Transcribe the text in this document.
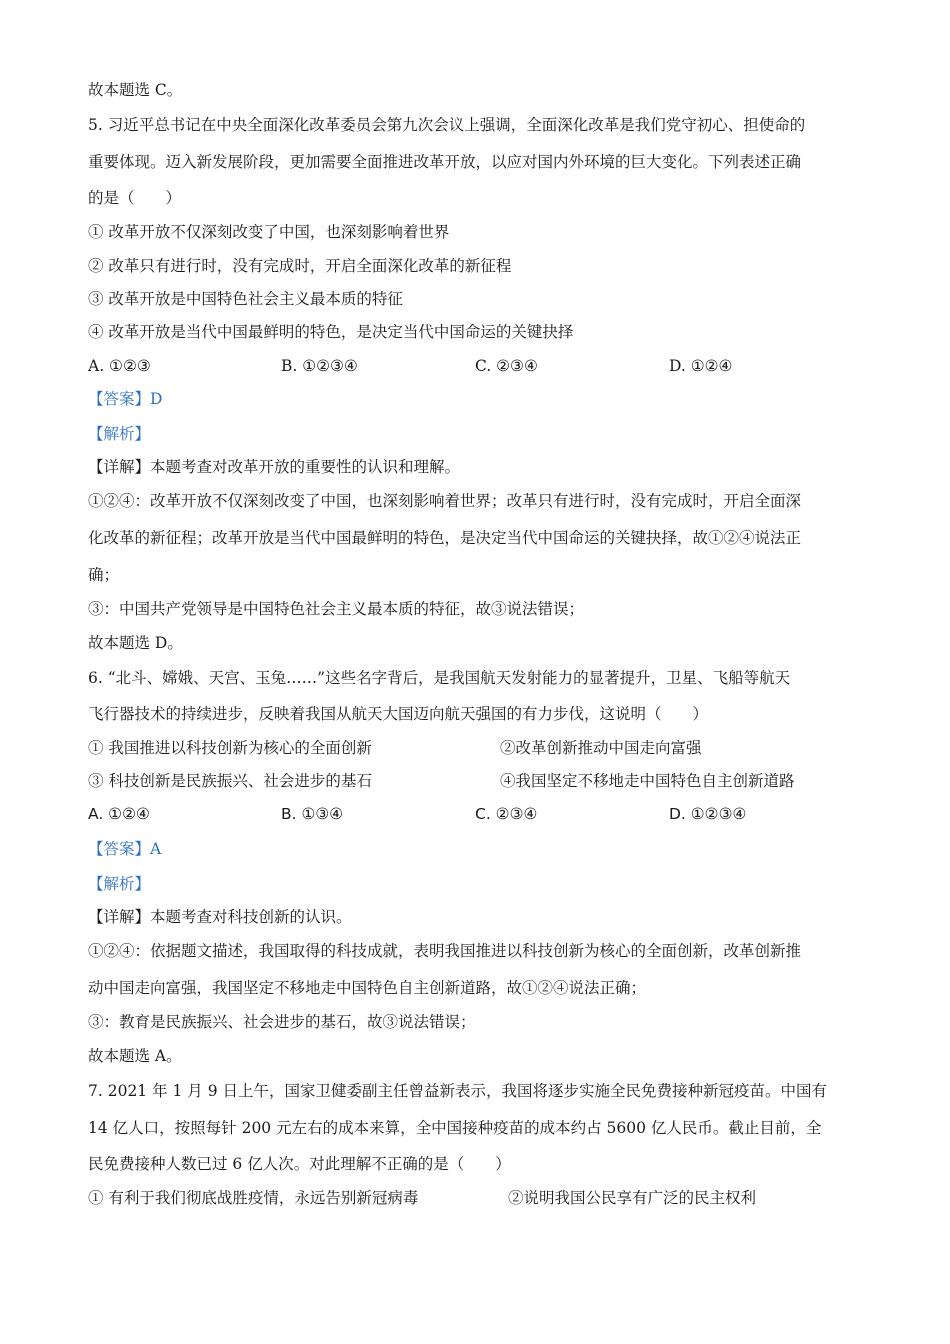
故本题选 C。
5. 习近平总书记在中央全面深化改革委员会第九次会议上强调，全面深化改革是我们党守初心、担使命的
重要体现。迈入新发展阶段，更加需要全面推进改革开放，以应对国内外环境的巨大变化。下列表述正确
的是（　　）
① 改革开放不仅深刻改变了中国，也深刻影响着世界
② 改革只有进行时，没有完成时，开启全面深化改革的新征程
③ 改革开放是中国特色社会主义最本质的特征
④ 改革开放是当代中国最鲜明的特色，是决定当代中国命运的关键抉择
A. ①②③	B. ①②③④	C. ②③④	D. ①②④
【答案】D
【解析】
【详解】本题考查对改革开放的重要性的认识和理解。
①②④：改革开放不仅深刻改变了中国，也深刻影响着世界；改革只有进行时，没有完成时，开启全面深
化改革的新征程；改革开放是当代中国最鲜明的特色，是决定当代中国命运的关键抉择，故①②④说法正
确；
③：中国共产党领导是中国特色社会主义最本质的特征，故③说法错误；
故本题选 D。
6. “北斗、嫦娥、天宫、玉兔……”这些名字背后，是我国航天发射能力的显著提升，卫星、飞船等航天
飞行器技术的持续进步，反映着我国从航天大国迈向航天强国的有力步伐，这说明（　　）
① 我国推进以科技创新为核心的全面创新	②改革创新推动中国走向富强
③ 科技创新是民族振兴、社会进步的基石	④我国坚定不移地走中国特色自主创新道路
A. ①②④	B. ①③④	C. ②③④	D. ①②③④
【答案】A
【解析】
【详解】本题考查对科技创新的认识。
①②④：依据题文描述，我国取得的科技成就，表明我国推进以科技创新为核心的全面创新，改革创新推
动中国走向富强，我国坚定不移地走中国特色自主创新道路，故①②④说法正确；
③：教育是民族振兴、社会进步的基石，故③说法错误；
故本题选 A。
7. 2021 年 1 月 9 日上午，国家卫健委副主任曾益新表示，我国将逐步实施全民免费接种新冠疫苗。中国有
14 亿人口，按照每针 200 元左右的成本来算，全中国接种疫苗的成本约占 5600 亿人民币。截止目前，全
民免费接种人数已过 6 亿人次。对此理解不正确的是（　　）
① 有利于我们彻底战胜疫情，永远告别新冠病毒	②说明我国公民享有广泛的民主权利
